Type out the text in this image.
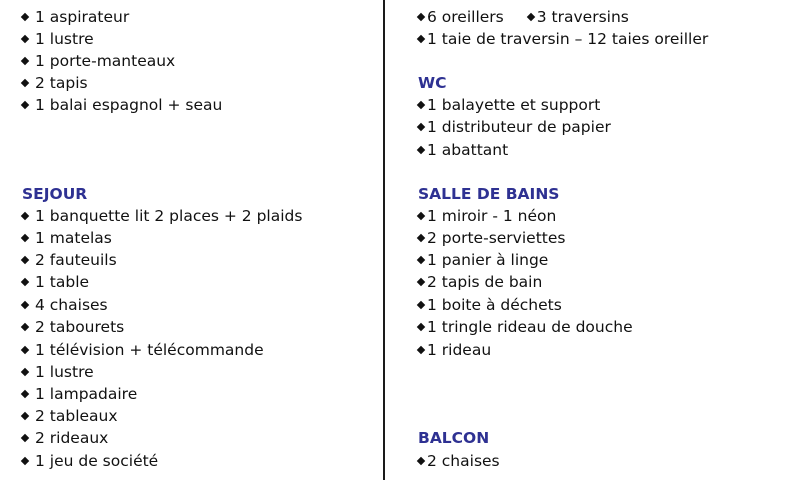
1 aspirateur
1 lustre
1 porte-manteaux
2 tapis
1 balai espagnol + seau
SEJOUR
1 banquette lit 2 places + 2 plaids
1 matelas
2 fauteuils
1 table
4 chaises
2 tabourets
1 télévision + télécommande
1 lustre
1 lampadaire
2 tableaux
2 rideaux
1 jeu de société
6 oreillers 3 traversins
1 taie de traversin – 12 taies oreiller
WC
1 balayette et support
1 distributeur de papier
1 abattant
SALLE DE BAINS
1 miroir - 1 néon
2 porte-serviettes
1 panier à linge
2 tapis de bain
1 boite à déchets
1 tringle rideau de douche
1 rideau
BALCON
2 chaises
